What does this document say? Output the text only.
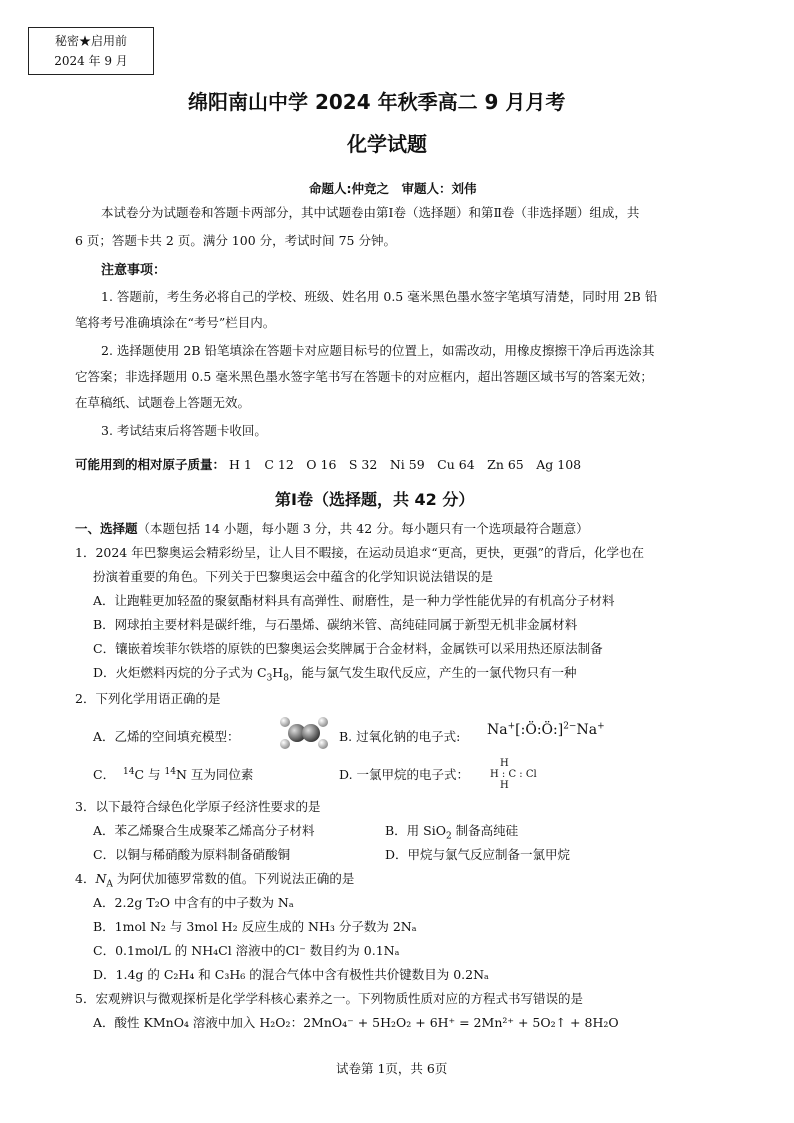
秘密★启用前
2024 年 9 月
绵阳南山中学 2024 年秋季高二 9 月月考
化学试题
命题人:仲竞之　审题人：刘伟
本试卷分为试题卷和答题卡两部分，其中试题卷由第Ⅰ卷（选择题）和第Ⅱ卷（非选择题）组成，共
6 页；答题卡共 2 页。满分 100 分，考试时间 75 分钟。
注意事项：
1. 答题前，考生务必将自己的学校、班级、姓名用 0.5 毫米黑色墨水签字笔填写清楚，同时用 2B 铅
笔将考号准确填涂在“考号”栏目内。
2. 选择题使用 2B 铅笔填涂在答题卡对应题目标号的位置上，如需改动，用橡皮擦擦干净后再选涂其
它答案；非选择题用 0.5 毫米黑色墨水签字笔书写在答题卡的对应框内，超出答题区域书写的答案无效；
在草稿纸、试题卷上答题无效。
3. 考试结束后将答题卡收回。
可能用到的相对原子质量： H 1　C 12　O 16　S 32　Ni 59　Cu 64　Zn 65　Ag 108
第Ⅰ卷（选择题，共 42 分）
一、选择题（本题包括 14 小题，每小题 3 分，共 42 分。每小题只有一个选项最符合题意）
1．2024 年巴黎奥运会精彩纷呈，让人目不暇接，在运动员追求“更高，更快，更强”的背后，化学也在
扮演着重要的角色。下列关于巴黎奥运会中蕴含的化学知识说法错误的是
A．让跑鞋更加轻盈的聚氨酯材料具有高弹性、耐磨性，是一种力学性能优异的有机高分子材料
B．网球拍主要材料是碳纤维，与石墨烯、碳纳米管、高纯硅同属于新型无机非金属材料
C．镶嵌着埃菲尔铁塔的原铁的巴黎奥运会奖牌属于合金材料，金属铁可以采用热还原法制备
D．火炬燃料丙烷的分子式为 $C_3H_8$，能与氯气发生取代反应，产生的一氯代物只有一种
2．下列化学用语正确的是
A．乙烯的空间填充模型：	B. 过氧化钠的电子式: Na+[:Ö:Ö:]$^{2-}$Na+
C． $^{14}$C 与 $^{14}$N 互为同位素	D. 一氯甲烷的电子式：
H
H : C : Cl
H
3．以下最符合绿色化学原子经济性要求的是
A．苯乙烯聚合生成聚苯乙烯高分子材料	B．用 SiO$_2$ 制备高纯硅
C．以铜与稀硝酸为原料制备硝酸铜	D．甲烷与氯气反应制备一氯甲烷
4．$N_A$ 为阿伏加德罗常数的值。下列说法正确的是
A．2.2g T₂O 中含有的中子数为 Nₐ
B．1mol N₂ 与 3mol H₂ 反应生成的 NH₃ 分子数为 2Nₐ
C．0.1mol/L 的 NH₄Cl 溶液中的Cl⁻ 数目约为 0.1Nₐ
D．1.4g 的 C₂H₄ 和 C₃H₆ 的混合气体中含有极性共价键数目为 0.2Nₐ
5．宏观辨识与微观探析是化学学科核心素养之一。下列物质性质对应的方程式书写错误的是
A．酸性 KMnO₄ 溶液中加入 H₂O₂：2MnO₄⁻ + 5H₂O₂ + 6H⁺ = 2Mn²⁺ + 5O₂↑ + 8H₂O
试卷第 1页，共 6页
